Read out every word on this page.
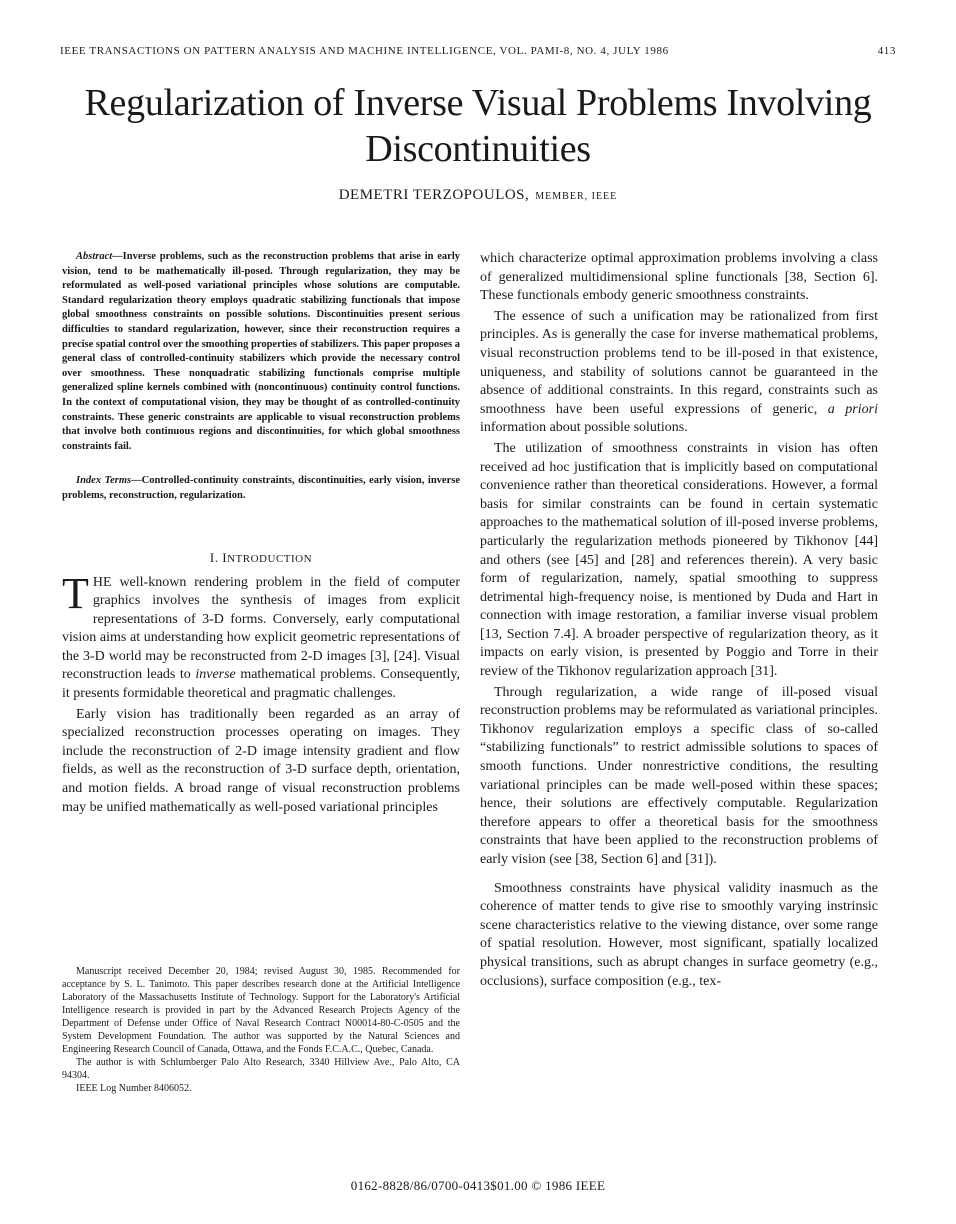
IEEE TRANSACTIONS ON PATTERN ANALYSIS AND MACHINE INTELLIGENCE, VOL. PAMI-8, NO. 4, JULY 1986	413
Regularization of Inverse Visual Problems Involving
Discontinuities
DEMETRI TERZOPOULOS, MEMBER, IEEE

Abstract—Inverse problems, such as the reconstruction problems that arise in early vision, tend to be mathematically ill-posed. Through regularization, they may be reformulated as well-posed variational principles whose solutions are computable. Standard regularization theory employs quadratic stabilizing functionals that impose global smoothness constraints on possible solutions. Discontinuities present serious difficulties to standard regularization, however, since their reconstruction requires a precise spatial control over the smoothing properties of stabilizers. This paper proposes a general class of controlled-continuity stabilizers which provide the necessary control over smoothness. These nonquadratic stabilizing functionals comprise multiple generalized spline kernels combined with (noncontinuous) continuity control functions. In the context of computational vision, they may be thought of as controlled-continuity constraints. These generic constraints are applicable to visual reconstruction problems that involve both continuous regions and discontinuities, for which global smoothness constraints fail.

Index Terms—Controlled-continuity constraints, discontinuities, early vision, inverse problems, reconstruction, regularization.

I. INTRODUCTION

THE well-known rendering problem in the field of computer graphics involves the synthesis of images from explicit representations of 3-D forms. Conversely, early computational vision aims at understanding how explicit geometric representations of the 3-D world may be reconstructed from 2-D images [3], [24]. Visual reconstruction leads to inverse mathematical problems. Consequently, it presents formidable theoretical and pragmatic challenges.

Early vision has traditionally been regarded as an array of specialized reconstruction processes operating on images. They include the reconstruction of 2-D image intensity gradient and flow fields, as well as the reconstruction of 3-D surface depth, orientation, and motion fields. A broad range of visual reconstruction problems may be unified mathematically as well-posed variational principles

Manuscript received December 20, 1984; revised August 30, 1985. Recommended for acceptance by S. L. Tanimoto. This paper describes research done at the Artificial Intelligence Laboratory of the Massachusetts Institute of Technology. Support for the Laboratory's Artificial Intelligence research is provided in part by the Advanced Research Projects Agency of the Department of Defense under Office of Naval Research Contract N00014-80-C-0505 and the System Development Foundation. The author was supported by the Natural Sciences and Engineering Research Council of Canada, Ottawa, and the Fonds F.C.A.C., Quebec, Canada.

The author is with Schlumberger Palo Alto Research, 3340 Hillview Ave., Palo Alto, CA 94304.

IEEE Log Number 8406052.

which characterize optimal approximation problems involving a class of generalized multidimensional spline functionals [38, Section 6]. These functionals embody generic smoothness constraints.

The essence of such a unification may be rationalized from first principles. As is generally the case for inverse mathematical problems, visual reconstruction problems tend to be ill-posed in that existence, uniqueness, and stability of solutions cannot be guaranteed in the absence of additional constraints. In this regard, constraints such as smoothness have been useful expressions of generic, a priori information about possible solutions.

The utilization of smoothness constraints in vision has often received ad hoc justification that is implicitly based on computational convenience rather than theoretical considerations. However, a formal basis for similar constraints can be found in certain systematic approaches to the mathematical solution of ill-posed inverse problems, particularly the regularization methods pioneered by Tikhonov [44] and others (see [45] and [28] and references therein). A very basic form of regularization, namely, spatial smoothing to suppress detrimental high-frequency noise, is mentioned by Duda and Hart in connection with image restoration, a familiar inverse visual problem [13, Section 7.4]. A broader perspective of regularization theory, as it impacts on early vision, is presented by Poggio and Torre in their review of the Tikhonov regularization approach [31].

Through regularization, a wide range of ill-posed visual reconstruction problems may be reformulated as variational principles. Tikhonov regularization employs a specific class of so-called “stabilizing functionals” to restrict admissible solutions to spaces of smooth functions. Under nonrestrictive conditions, the resulting variational principles can be made well-posed within these spaces; hence, their solutions are effectively computable. Regularization therefore appears to offer a theoretical basis for the smoothness constraints that have been applied to the reconstruction problems of early vision (see [38, Section 6] and [31]).

Smoothness constraints have physical validity inasmuch as the coherence of matter tends to give rise to smoothly varying instrinsic scene characteristics relative to the viewing distance, over some range of spatial resolution. However, most significant, spatially localized physical transitions, such as abrupt changes in surface geometry (e.g., occlusions), surface composition (e.g., tex-

0162-8828/86/0700-0413$01.00 © 1986 IEEE
